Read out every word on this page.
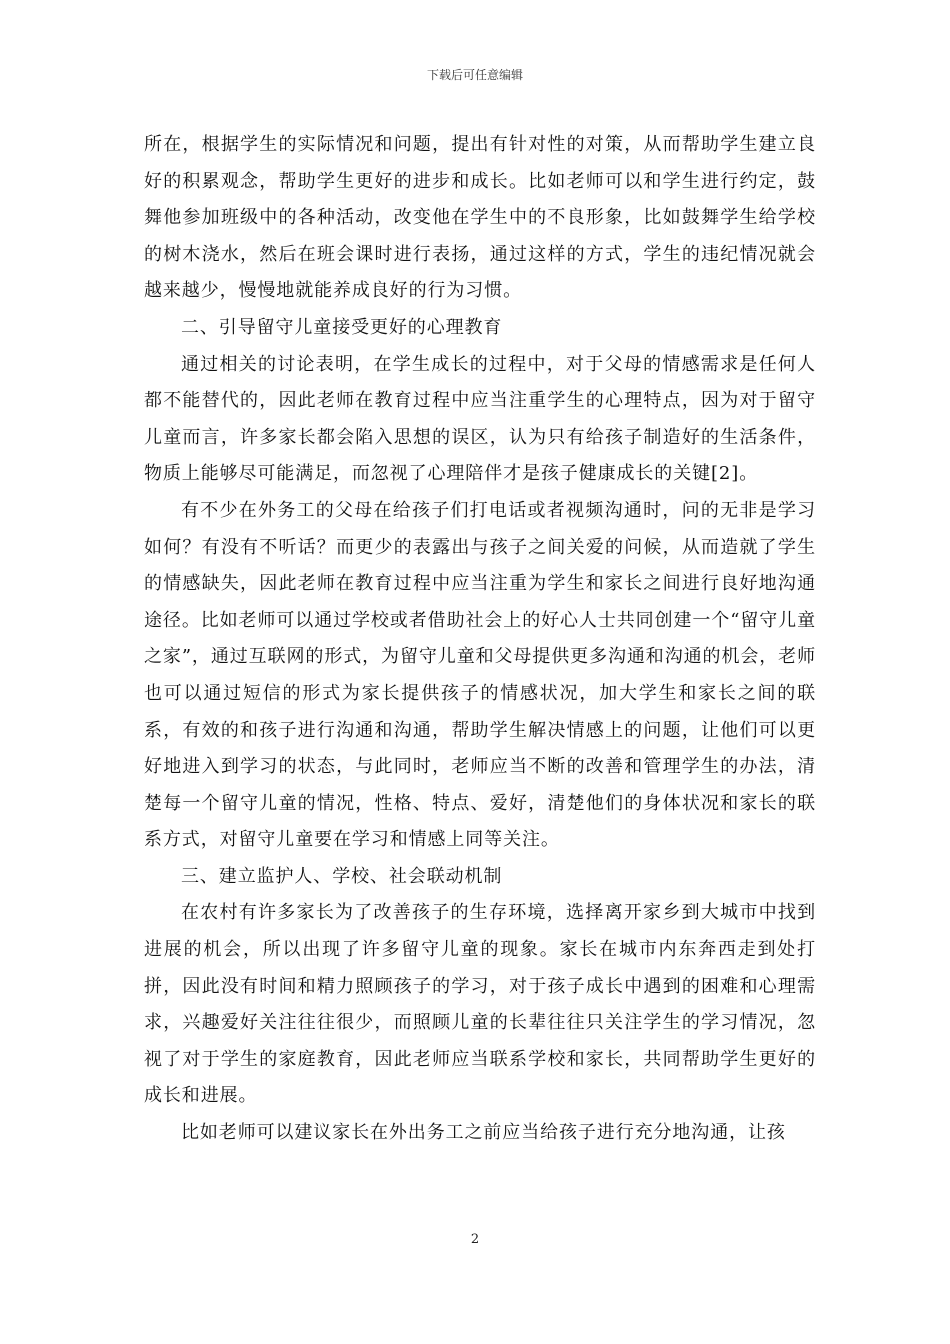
下载后可任意编辑

所在，根据学生的实际情况和问题，提出有针对性的对策，从而帮助学生建立良好的积累观念，帮助学生更好的进步和成长。比如老师可以和学生进行约定，鼓舞他参加班级中的各种活动，改变他在学生中的不良形象，比如鼓舞学生给学校的树木浇水，然后在班会课时进行表扬，通过这样的方式，学生的违纪情况就会越来越少，慢慢地就能养成良好的行为习惯。

二、引导留守儿童接受更好的心理教育

通过相关的讨论表明，在学生成长的过程中，对于父母的情感需求是任何人都不能替代的，因此老师在教育过程中应当注重学生的心理特点，因为对于留守儿童而言，许多家长都会陷入思想的误区，认为只有给孩子制造好的生活条件，物质上能够尽可能满足，而忽视了心理陪伴才是孩子健康成长的关键[2]。

有不少在外务工的父母在给孩子们打电话或者视频沟通时，问的无非是学习如何？有没有不听话？而更少的表露出与孩子之间关爱的问候，从而造就了学生的情感缺失，因此老师在教育过程中应当注重为学生和家长之间进行良好地沟通途径。比如老师可以通过学校或者借助社会上的好心人士共同创建一个“留守儿童之家”，通过互联网的形式，为留守儿童和父母提供更多沟通和沟通的机会，老师也可以通过短信的形式为家长提供孩子的情感状况，加大学生和家长之间的联系，有效的和孩子进行沟通和沟通，帮助学生解决情感上的问题，让他们可以更好地进入到学习的状态，与此同时，老师应当不断的改善和管理学生的办法，清楚每一个留守儿童的情况，性格、特点、爱好，清楚他们的身体状况和家长的联系方式，对留守儿童要在学习和情感上同等关注。

三、建立监护人、学校、社会联动机制

在农村有许多家长为了改善孩子的生存环境，选择离开家乡到大城市中找到进展的机会，所以出现了许多留守儿童的现象。家长在城市内东奔西走到处打拼，因此没有时间和精力照顾孩子的学习，对于孩子成长中遇到的困难和心理需求，兴趣爱好关注往往很少，而照顾儿童的长辈往往只关注学生的学习情况，忽视了对于学生的家庭教育，因此老师应当联系学校和家长，共同帮助学生更好的成长和进展。

比如老师可以建议家长在外出务工之前应当给孩子进行充分地沟通，让孩

2
